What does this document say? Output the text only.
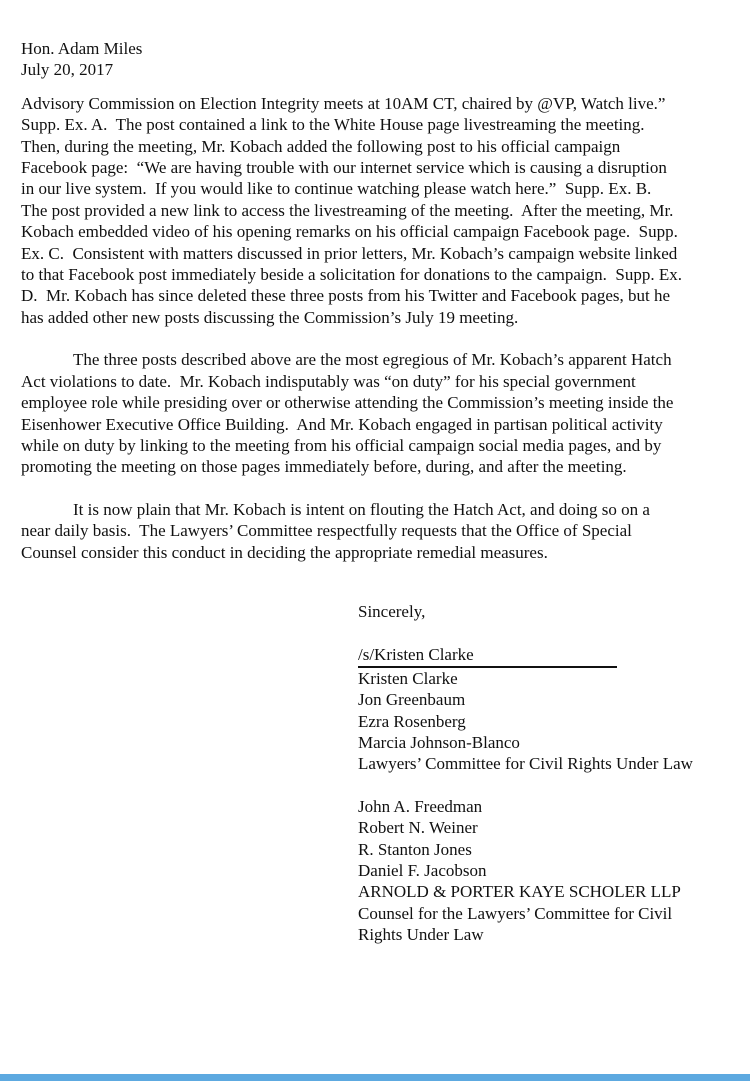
Hon. Adam Miles
July 20, 2017
Advisory Commission on Election Integrity meets at 10AM CT, chaired by @VP, Watch live.”
Supp. Ex. A.  The post contained a link to the White House page livestreaming the meeting.
Then, during the meeting, Mr. Kobach added the following post to his official campaign
Facebook page:  “We are having trouble with our internet service which is causing a disruption
in our live system.  If you would like to continue watching please watch here.”  Supp. Ex. B.
The post provided a new link to access the livestreaming of the meeting.  After the meeting, Mr.
Kobach embedded video of his opening remarks on his official campaign Facebook page.  Supp.
Ex. C.  Consistent with matters discussed in prior letters, Mr. Kobach’s campaign website linked
to that Facebook post immediately beside a solicitation for donations to the campaign.  Supp. Ex.
D.  Mr. Kobach has since deleted these three posts from his Twitter and Facebook pages, but he
has added other new posts discussing the Commission’s July 19 meeting.
The three posts described above are the most egregious of Mr. Kobach’s apparent Hatch
Act violations to date.  Mr. Kobach indisputably was “on duty” for his special government
employee role while presiding over or otherwise attending the Commission’s meeting inside the
Eisenhower Executive Office Building.  And Mr. Kobach engaged in partisan political activity
while on duty by linking to the meeting from his official campaign social media pages, and by
promoting the meeting on those pages immediately before, during, and after the meeting.
It is now plain that Mr. Kobach is intent on flouting the Hatch Act, and doing so on a
near daily basis.  The Lawyers’ Committee respectfully requests that the Office of Special
Counsel consider this conduct in deciding the appropriate remedial measures.
Sincerely,
/s/Kristen Clarke
Kristen Clarke
Jon Greenbaum
Ezra Rosenberg
Marcia Johnson-Blanco
Lawyers’ Committee for Civil Rights Under Law
John A. Freedman
Robert N. Weiner
R. Stanton Jones
Daniel F. Jacobson
ARNOLD & PORTER KAYE SCHOLER LLP
Counsel for the Lawyers’ Committee for Civil
Rights Under Law
